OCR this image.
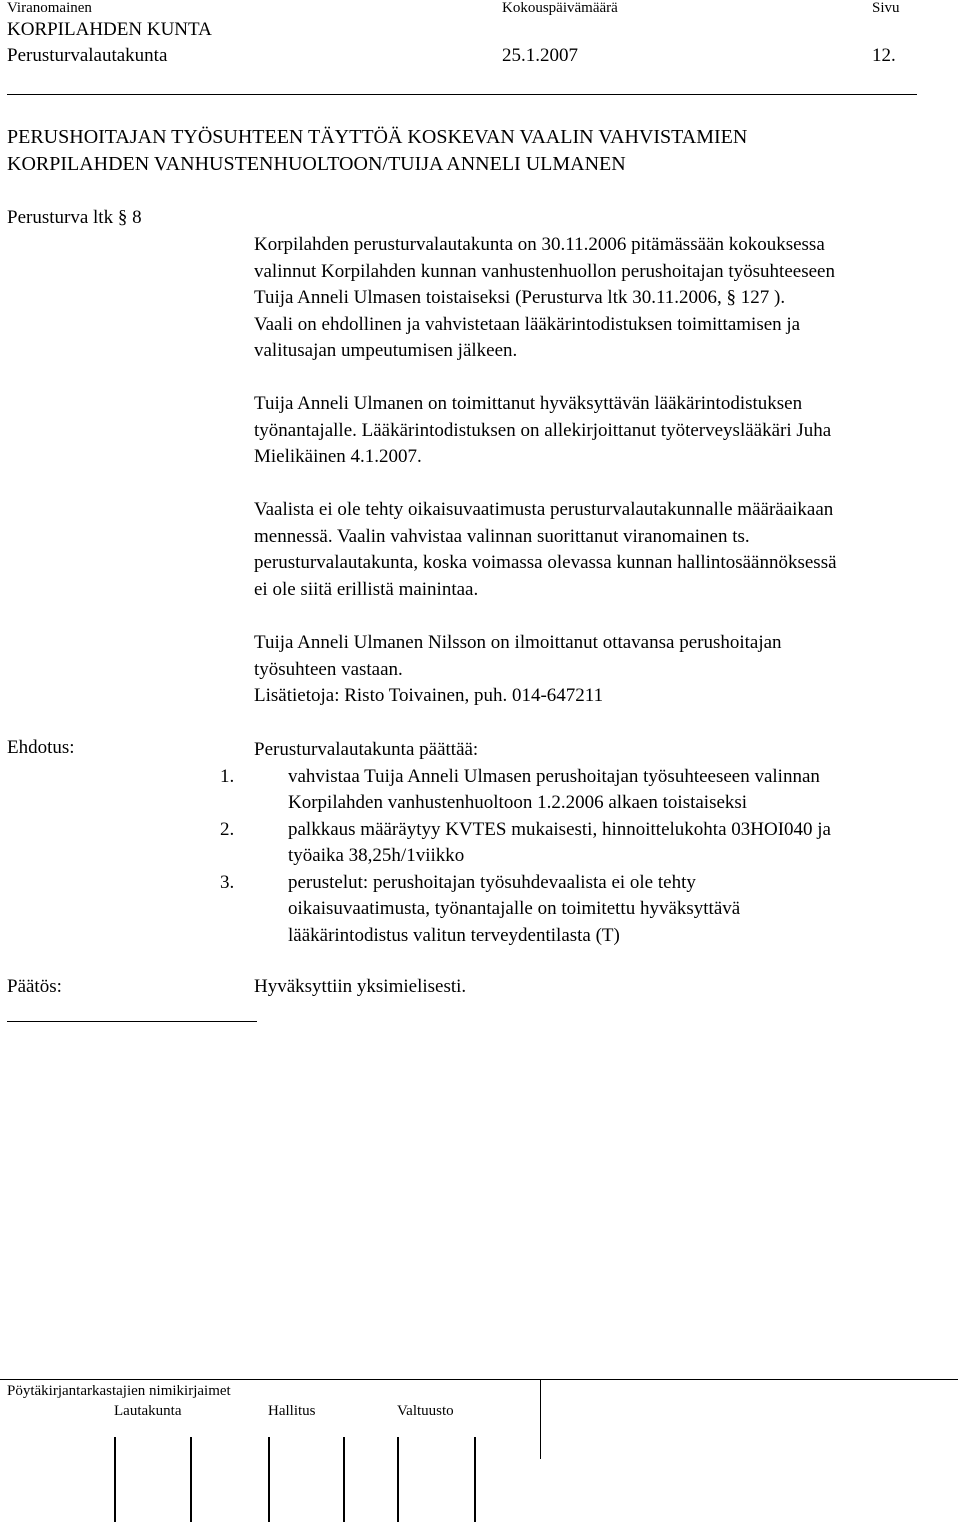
Viranomainen	Kokouspäivämäärä	Sivu
KORPILAHDEN KUNTA
Perusturvalautakunta	25.1.2007	12.
PERUSHOITAJAN TYÖSUHTEEN TÄYTTÖÄ KOSKEVAN VAALIN VAHVISTAMIEN
KORPILAHDEN VANHUSTENHUOLTOON/TUIJA ANNELI ULMANEN
Perusturva ltk § 8

Korpilahden perusturvalautakunta on 30.11.2006 pitämässään kokouksessa

valinnut Korpilahden kunnan vanhustenhuollon perushoitajan työsuhteeseen

Tuija Anneli Ulmasen toistaiseksi (Perusturva ltk 30.11.2006, § 127 ).

Vaali on ehdollinen ja vahvistetaan lääkärintodistuksen toimittamisen ja

valitusajan umpeutumisen jälkeen.

Tuija Anneli Ulmanen on toimittanut hyväksyttävän lääkärintodistuksen

työnantajalle. Lääkärintodistuksen on allekirjoittanut työterveyslääkäri Juha

Mielikäinen 4.1.2007.

Vaalista ei ole tehty oikaisuvaatimusta perusturvalautakunnalle määräaikaan

mennessä. Vaalin vahvistaa valinnan suorittanut viranomainen ts.

perusturvalautakunta, koska voimassa olevassa kunnan hallintosäännöksessä

ei ole siitä erillistä mainintaa.

Tuija Anneli Ulmanen Nilsson on ilmoittanut ottavansa perushoitajan

työsuhteen vastaan.

Lisätietoja: Risto Toivainen, puh. 014-647211

Ehdotus:	Perusturvalautakunta päättää:

1.	vahvistaa Tuija Anneli Ulmasen perushoitajan työsuhteeseen valinnan

Korpilahden vanhustenhuoltoon 1.2.2006 alkaen toistaiseksi

2.	palkkaus määräytyy KVTES mukaisesti, hinnoittelukohta 03HOI040 ja

työaika 38,25h/1viikko

3.	perustelut: perushoitajan työsuhdevaalista ei ole tehty

oikaisuvaatimusta, työnantajalle on toimitettu hyväksyttävä

lääkärintodistus valitun terveydentilasta (T)

Päätös:	Hyväksyttiin yksimielisesti.
Pöytäkirjantarkastajien nimikirjaimet
Lautakunta	Hallitus	Valtuusto
